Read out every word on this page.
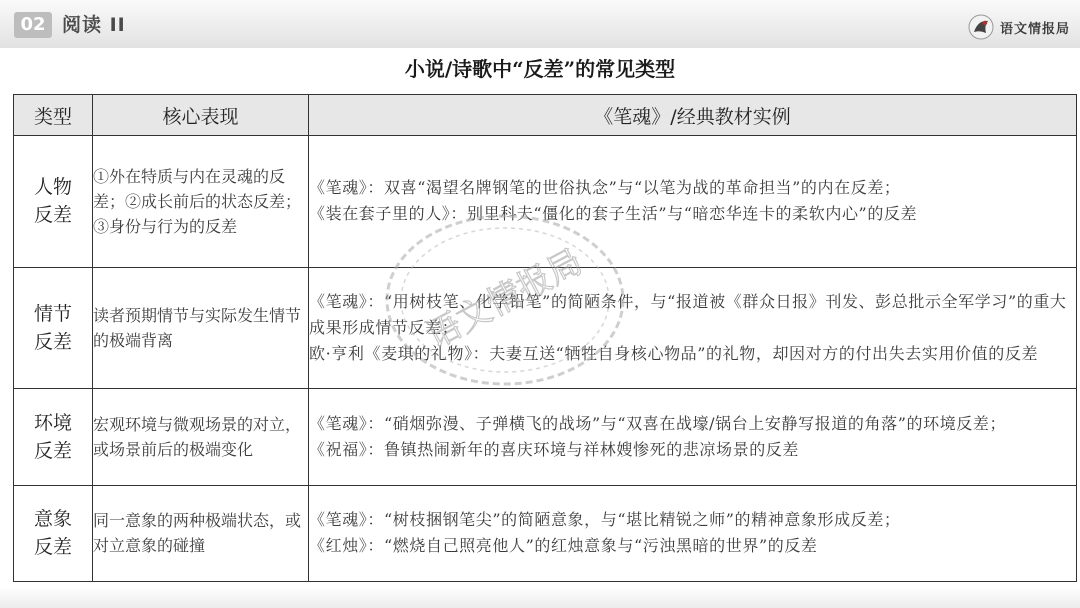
02 阅读 II	语文情报局
小说/诗歌中“反差”的常见类型
类型	核心表现	《笔魂》/经典教材实例
人物
反差	①外在特质与内在灵魂的反差；②成长前后的状态反差；③身份与行为的反差	《笔魂》：双喜“渴望名牌钢笔的世俗执念”与“以笔为战的革命担当”的内在反差；
《装在套子里的人》：别里科夫“僵化的套子生活”与“暗恋华连卡的柔软内心”的反差

情节
反差	读者预期情节与实际发生情节的极端背离	《笔魂》：“用树枝笔、化学铅笔”的简陋条件，与“报道被《群众日报》刊发、彭总批示全军学习”的重大成果形成情节反差；
欧·亨利《麦琪的礼物》：夫妻互送“牺牲自身核心物品”的礼物，却因对方的付出失去实用价值的反差

环境
反差	宏观环境与微观场景的对立，或场景前后的极端变化	《笔魂》：“硝烟弥漫、子弹横飞的战场”与“双喜在战壕/锅台上安静写报道的角落”的环境反差；
《祝福》：鲁镇热闹新年的喜庆环境与祥林嫂惨死的悲凉场景的反差

意象
反差	同一意象的两种极端状态，或对立意象的碰撞	《笔魂》：“树枝捆钢笔尖”的简陋意象，与“堪比精锐之师”的精神意象形成反差；
《红烛》：“燃烧自己照亮他人”的红烛意象与“污浊黑暗的世界”的反差
语文情报局
